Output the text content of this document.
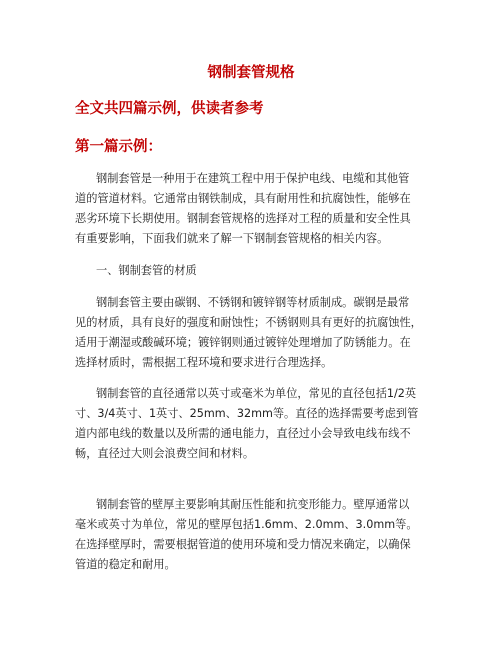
钢制套管规格
全文共四篇示例，供读者参考
第一篇示例：
钢制套管是一种用于在建筑工程中用于保护电线、电缆和其他管
道的管道材料。它通常由钢铁制成，具有耐用性和抗腐蚀性，能够在
恶劣环境下长期使用。钢制套管规格的选择对工程的质量和安全性具
有重要影响，下面我们就来了解一下钢制套管规格的相关内容。
一、钢制套管的材质
钢制套管主要由碳钢、不锈钢和镀锌钢等材质制成。碳钢是最常
见的材质，具有良好的强度和耐蚀性；不锈钢则具有更好的抗腐蚀性，
适用于潮湿或酸碱环境；镀锌钢则通过镀锌处理增加了防锈能力。在
选择材质时，需根据工程环境和要求进行合理选择。
钢制套管的直径通常以英寸或毫米为单位，常见的直径包括1/2英
寸、3/4英寸、1英寸、25mm、32mm等。直径的选择需要考虑到管
道内部电线的数量以及所需的通电能力，直径过小会导致电线布线不
畅，直径过大则会浪费空间和材料。
钢制套管的壁厚主要影响其耐压性能和抗变形能力。壁厚通常以
毫米或英寸为单位，常见的壁厚包括1.6mm、2.0mm、3.0mm等。
在选择壁厚时，需要根据管道的使用环境和受力情况来确定，以确保
管道的稳定和耐用。
